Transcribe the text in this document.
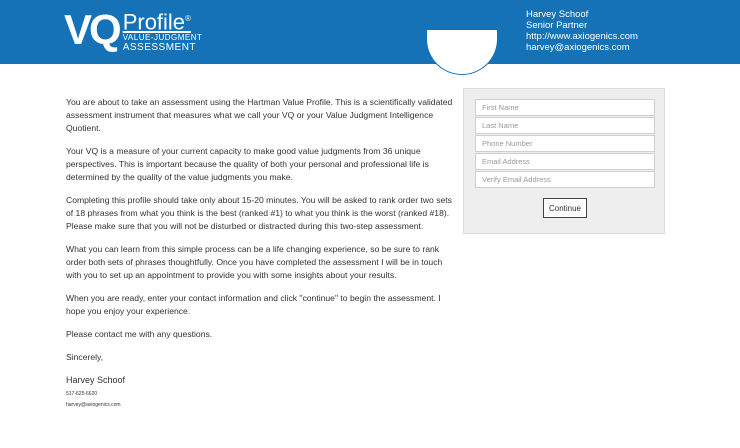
VQ Profile®
VALUE-JUDGMENT
ASSESSMENT
Harvey Schoof
Senior Partner
http://www.axiogenics.com
harvey@axiogenics.com

You are about to take an assessment using the Hartman Value Profile. This is a scientifically validated assessment instrument that measures what we call your VQ or your Value Judgment Intelligence Quotient.

Your VQ is a measure of your current capacity to make good value judgments from 36 unique perspectives. This is important because the quality of both your personal and professional life is determined by the quality of the value judgments you make.

Completing this profile should take only about 15-20 minutes. You will be asked to rank order two sets of 18 phrases from what you think is the best (ranked #1) to what you think is the worst (ranked #18). Please make sure that you will not be disturbed or distracted during this two-step assessment.

What you can learn from this simple process can be a life changing experience, so be sure to rank order both sets of phrases thoughtfully. Once you have completed the assessment I will be in touch with you to set up an appointment to provide you with some insights about your results.

When you are ready, enter your contact information and click "continue" to begin the assessment. I hope you enjoy your experience.

Please contact me with any questions.

Sincerely,

Harvey Schoof
517-625-6620
harvey@axiogenics.com
First Name
Last Name
Phone Number
Email Address
Verify Email Address
Continue
